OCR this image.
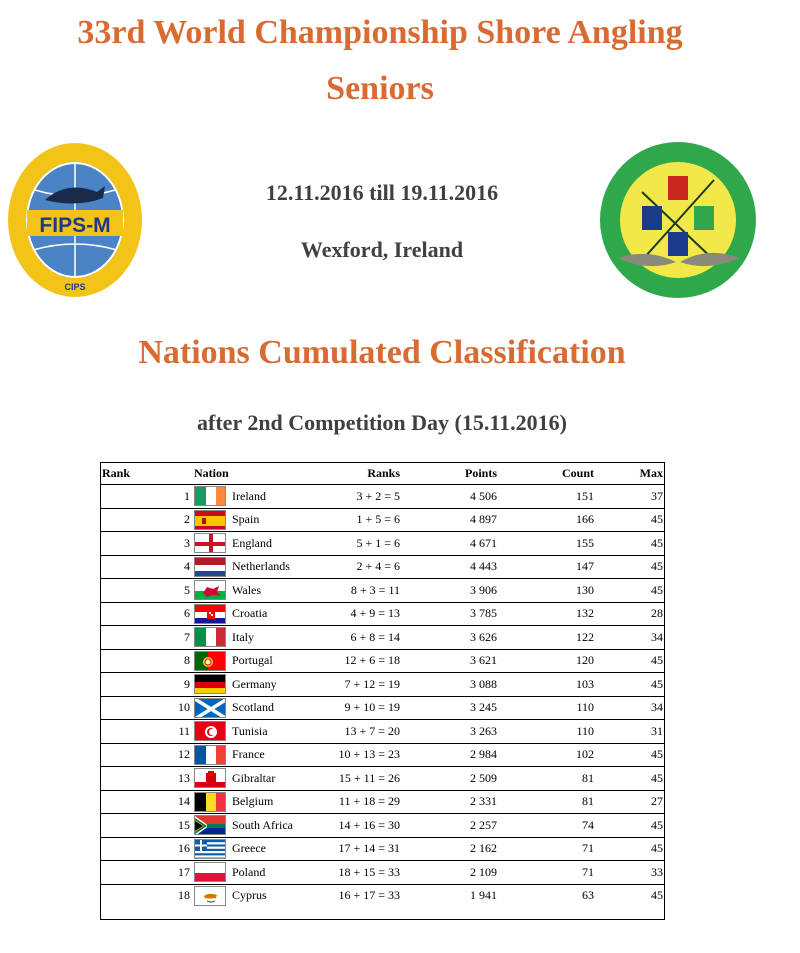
33rd World Championship Shore Angling
Seniors
FIPS-M
CIPS
12.11.2016 till 19.11.2016
Wexford, Ireland
Nations Cumulated Classification
after 2nd Competition Day (15.11.2016)
Rank	Nation		Ranks	Points	Count	Max
1		Ireland	3 + 2 = 5	4 506	151	37
2		Spain	1 + 5 = 6	4 897	166	45
3		England	5 + 1 = 6	4 671	155	45
4		Netherlands	2 + 4 = 6	4 443	147	45
5		Wales	8 + 3 = 11	3 906	130	45
6		Croatia	4 + 9 = 13	3 785	132	28
7		Italy	6 + 8 = 14	3 626	122	34
8		Portugal	12 + 6 = 18	3 621	120	45
9		Germany	7 + 12 = 19	3 088	103	45
10		Scotland	9 + 10 = 19	3 245	110	34
11		Tunisia	13 + 7 = 20	3 263	110	31
12		France	10 + 13 = 23	2 984	102	45
13		Gibraltar	15 + 11 = 26	2 509	81	45
14		Belgium	11 + 18 = 29	2 331	81	27
15		South Africa	14 + 16 = 30	2 257	74	45
16		Greece	17 + 14 = 31	2 162	71	45
17		Poland	18 + 15 = 33	2 109	71	33
18		Cyprus	16 + 17 = 33	1 941	63	45
